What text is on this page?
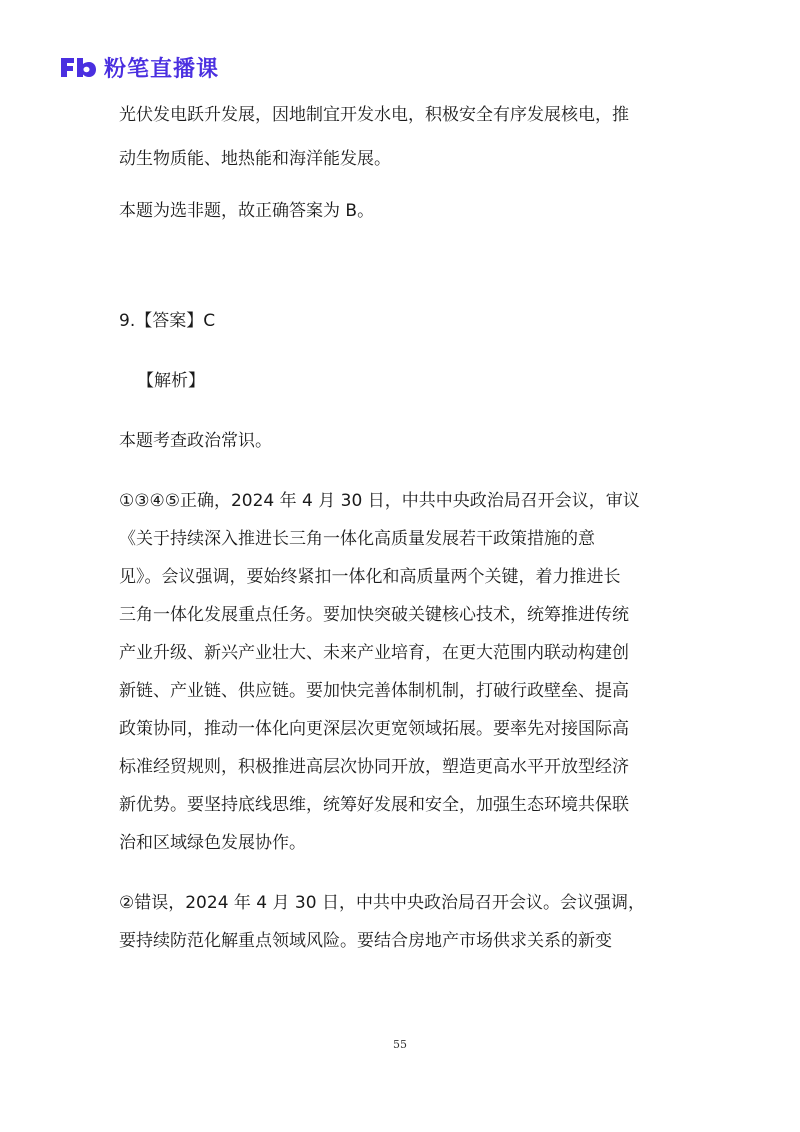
粉笔直播课

光伏发电跃升发展，因地制宜开发水电，积极安全有序发展核电，推

动生物质能、地热能和海洋能发展。

本题为选非题，故正确答案为 B。

9.【答案】C

【解析】

本题考查政治常识。

①③④⑤正确，2024 年 4 月 30 日，中共中央政治局召开会议，审议

《关于持续深入推进长三角一体化高质量发展若干政策措施的意

见》。会议强调，要始终紧扣一体化和高质量两个关键，着力推进长

三角一体化发展重点任务。要加快突破关键核心技术，统筹推进传统

产业升级、新兴产业壮大、未来产业培育，在更大范围内联动构建创

新链、产业链、供应链。要加快完善体制机制，打破行政壁垒、提高

政策协同，推动一体化向更深层次更宽领域拓展。要率先对接国际高

标准经贸规则，积极推进高层次协同开放，塑造更高水平开放型经济

新优势。要坚持底线思维，统筹好发展和安全，加强生态环境共保联

治和区域绿色发展协作。

②错误，2024 年 4 月 30 日，中共中央政治局召开会议。会议强调，

要持续防范化解重点领域风险。要结合房地产市场供求关系的新变

55
